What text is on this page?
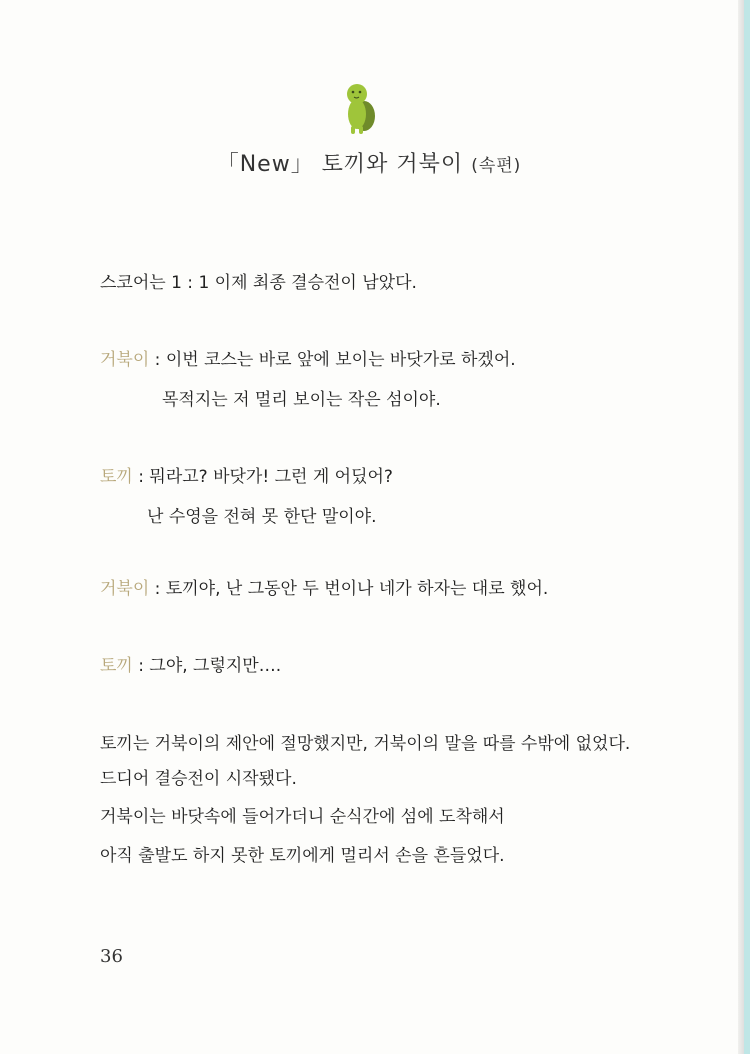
「New」 토끼와 거북이 (속편)
스코어는 1 : 1 이제 최종 결승전이 남았다.
거북이 : 이번 코스는 바로 앞에 보이는 바닷가로 하겠어.
목적지는 저 멀리 보이는 작은 섬이야.
토끼 : 뭐라고? 바닷가! 그런 게 어딨어?
난 수영을 전혀 못 한단 말이야.
거북이 : 토끼야, 난 그동안 두 번이나 네가 하자는 대로 했어.
토끼 : 그야, 그렇지만….
토끼는 거북이의 제안에 절망했지만, 거북이의 말을 따를 수밖에 없었다.
드디어 결승전이 시작됐다.
거북이는 바닷속에 들어가더니 순식간에 섬에 도착해서
아직 출발도 하지 못한 토끼에게 멀리서 손을 흔들었다.
36
